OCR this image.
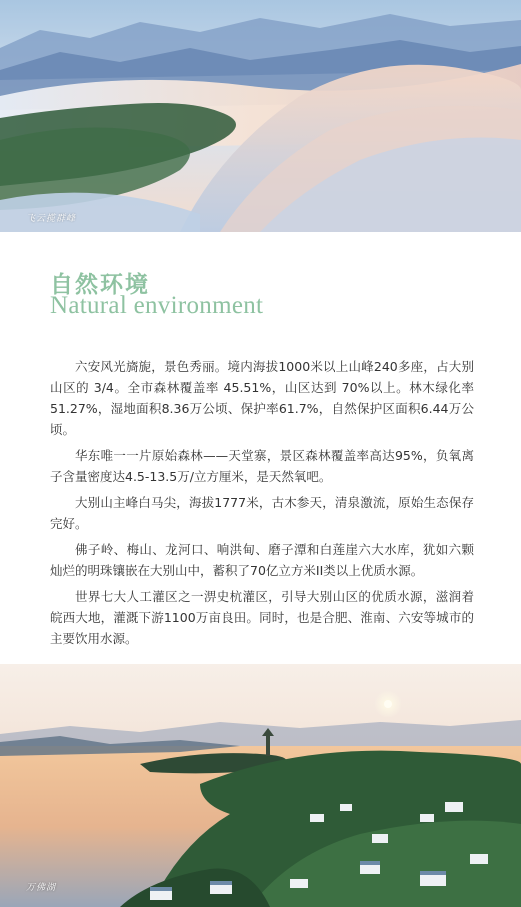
飞云揽群峰
自然环境
Natural environment

六安风光旖旎，景色秀丽。境内海拔1000米以上山峰240多座，占大别山区的 3/4。全市森林覆盖率 45.51%，山区达到 70%以上。林木绿化率51.27%，湿地面积8.36万公顷、保护率61.7%，自然保护区面积6.44万公顷。

华东唯一一片原始森林——天堂寨，景区森林覆盖率高达95%，负氧离子含量密度达4.5-13.5万/立方厘米，是天然氧吧。

大别山主峰白马尖，海拔1777米，古木参天，清泉激流，原始生态保存完好。

佛子岭、梅山、龙河口、响洪甸、磨子潭和白莲崖六大水库，犹如六颗灿烂的明珠镶嵌在大别山中，蓄积了70亿立方米II类以上优质水源。

世界七大人工灌区之一淠史杭灌区，引导大别山区的优质水源，滋润着皖西大地，灌溉下游1100万亩良田。同时，也是合肥、淮南、六安等城市的主要饮用水源。

万佛湖
